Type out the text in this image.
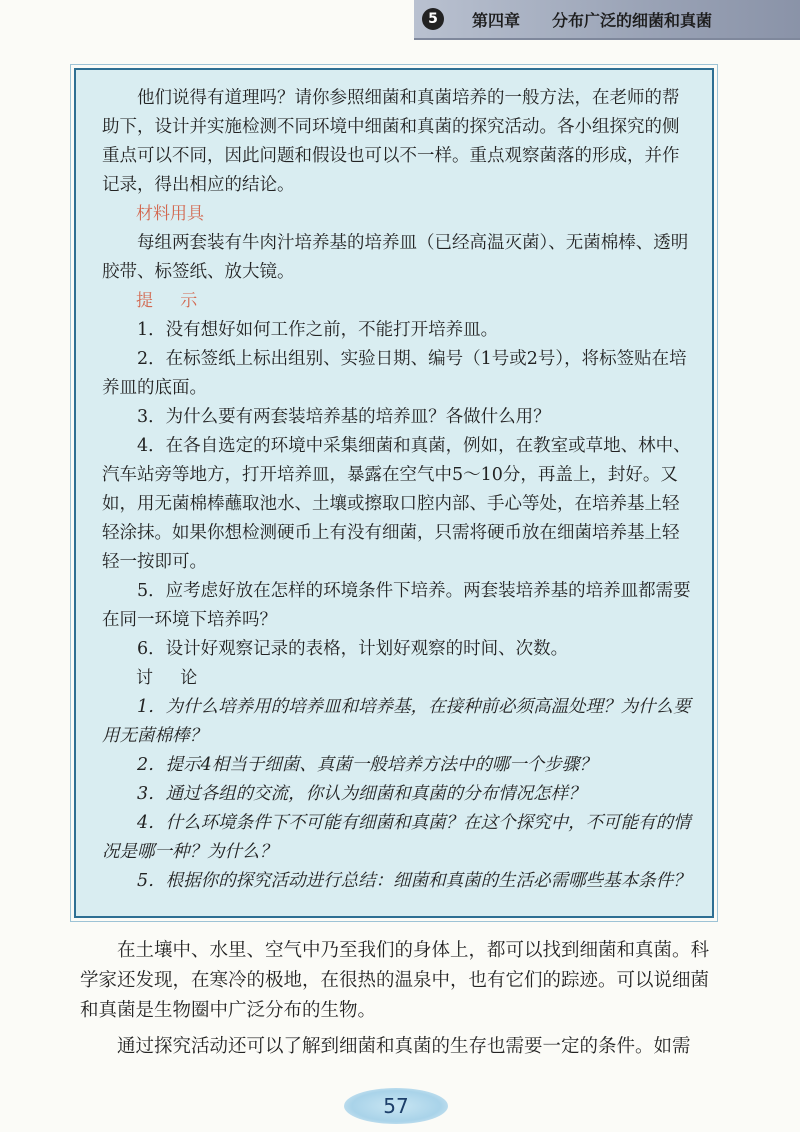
5	第四章 分布广泛的细菌和真菌

他们说得有道理吗？请你参照细菌和真菌培养的一般方法，在老师的帮助下，设计并实施检测不同环境中细菌和真菌的探究活动。各小组探究的侧重点可以不同，因此问题和假设也可以不一样。重点观察菌落的形成，并作记录，得出相应的结论。

材料用具

每组两套装有牛肉汁培养基的培养皿（已经高温灭菌）、无菌棉棒、透明胶带、标签纸、放大镜。

提示

1．没有想好如何工作之前，不能打开培养皿。

2．在标签纸上标出组别、实验日期、编号（1号或2号），将标签贴在培养皿的底面。

3．为什么要有两套装培养基的培养皿？各做什么用？

4．在各自选定的环境中采集细菌和真菌，例如，在教室或草地、林中、汽车站旁等地方，打开培养皿，暴露在空气中5～10分，再盖上，封好。又如，用无菌棉棒蘸取池水、土壤或擦取口腔内部、手心等处，在培养基上轻轻涂抹。如果你想检测硬币上有没有细菌，只需将硬币放在细菌培养基上轻轻一按即可。

5．应考虑好放在怎样的环境条件下培养。两套装培养基的培养皿都需要在同一环境下培养吗？

6．设计好观察记录的表格，计划好观察的时间、次数。

讨论

1．为什么培养用的培养皿和培养基，在接种前必须高温处理？为什么要用无菌棉棒？

2．提示4相当于细菌、真菌一般培养方法中的哪一个步骤？

3．通过各组的交流，你认为细菌和真菌的分布情况怎样？

4．什么环境条件下不可能有细菌和真菌？在这个探究中，不可能有的情况是哪一种？为什么？

5．根据你的探究活动进行总结：细菌和真菌的生活必需哪些基本条件？

在土壤中、水里、空气中乃至我们的身体上，都可以找到细菌和真菌。科学家还发现，在寒冷的极地，在很热的温泉中，也有它们的踪迹。可以说细菌和真菌是生物圈中广泛分布的生物。

通过探究活动还可以了解到细菌和真菌的生存也需要一定的条件。如需

57
